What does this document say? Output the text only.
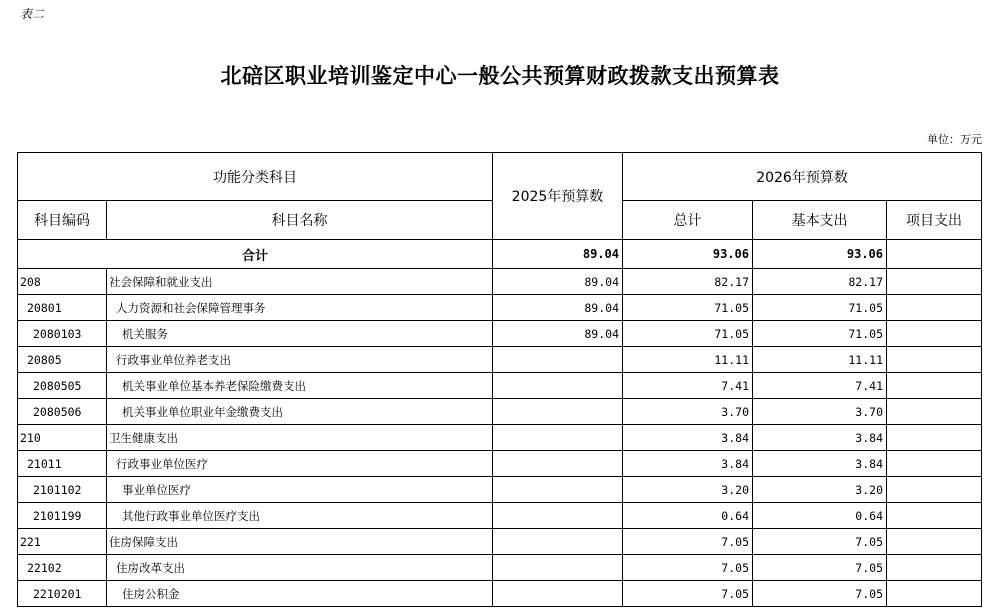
表二
北碚区职业培训鉴定中心一般公共预算财政拨款支出预算表
单位：万元
功能分类科目		2025年预算数	2026年预算数		
科目编码	科目名称		总计	基本支出	项目支出
合计		89.04	93.06	93.06	
208	社会保障和就业支出	89.04	82.17	82.17	
20801	人力资源和社会保障管理事务	89.04	71.05	71.05	
2080103	机关服务	89.04	71.05	71.05	
20805	行政事业单位养老支出		11.11	11.11	
2080505	机关事业单位基本养老保险缴费支出		7.41	7.41	
2080506	机关事业单位职业年金缴费支出		3.70	3.70	
210	卫生健康支出		3.84	3.84	
21011	行政事业单位医疗		3.84	3.84	
2101102	事业单位医疗		3.20	3.20	
2101199	其他行政事业单位医疗支出		0.64	0.64	
221	住房保障支出		7.05	7.05	
22102	住房改革支出		7.05	7.05	
2210201	住房公积金		7.05	7.05	
